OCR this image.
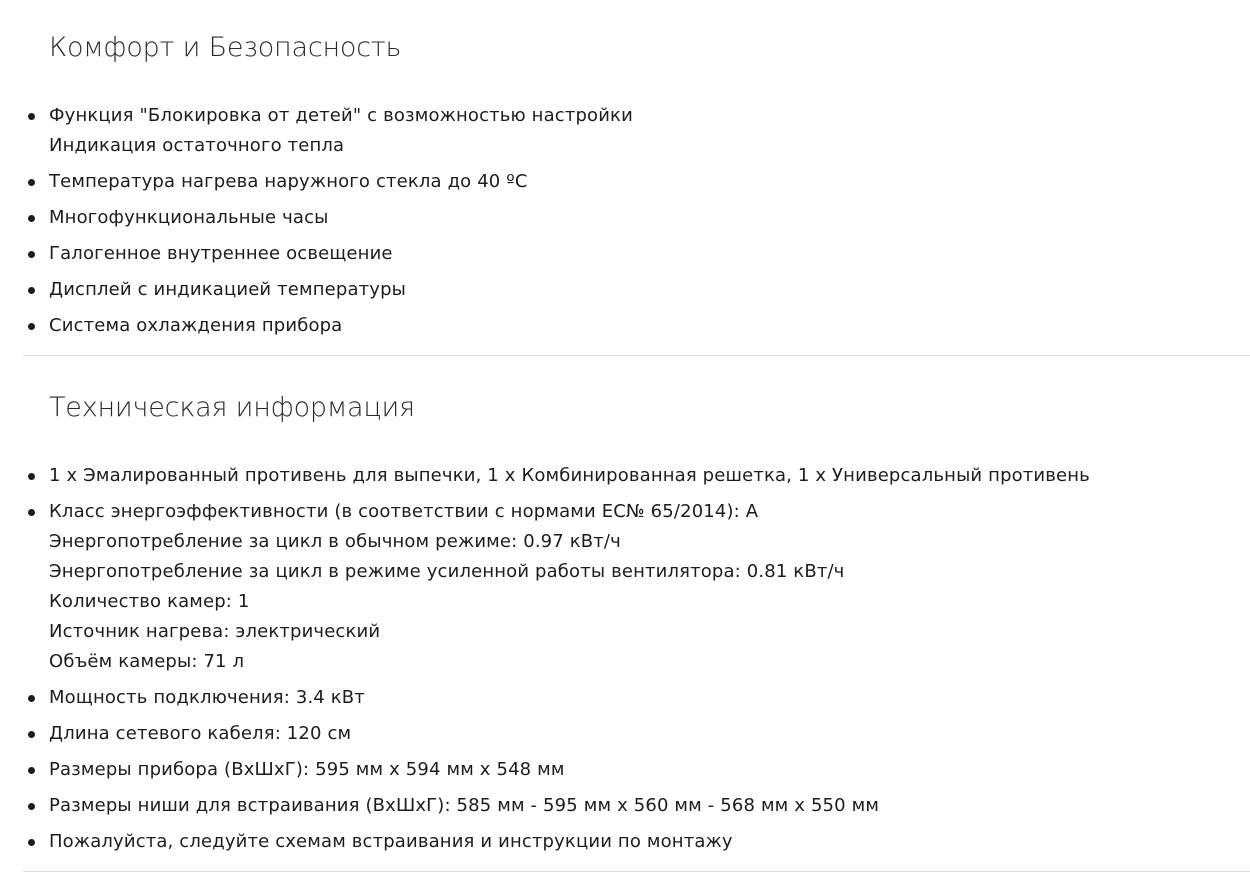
Комфорт и Безопасность
Функция "Блокировка от детей" с возможностью настройки
Индикация остаточного тепла
Температура нагрева наружного стекла до 40 ºC
Многофункциональные часы
Галогенное внутреннее освещение
Дисплей с индикацией температуры
Система охлаждения прибора
Техническая информация
1 x Эмалированный противень для выпечки, 1 x Комбинированная решетка, 1 x Универсальный противень
Класс энергоэффективности (в соответствии с нормами EC№ 65/2014): A
Энергопотребление за цикл в обычном режиме: 0.97 кВт/ч
Энергопотребление за цикл в режиме усиленной работы вентилятора: 0.81 кВт/ч
Количество камер: 1
Источник нагрева: электрический
Объём камеры: 71 л
Мощность подключения: 3.4 кВт
Длина сетевого кабеля: 120 см
Размеры прибора (ВхШхГ): 595 мм x 594 мм x 548 мм
Размеры ниши для встраивания (ВхШхГ): 585 мм - 595 мм x 560 мм - 568 мм x 550 мм
Пожалуйста, следуйте схемам встраивания и инструкции по монтажу
